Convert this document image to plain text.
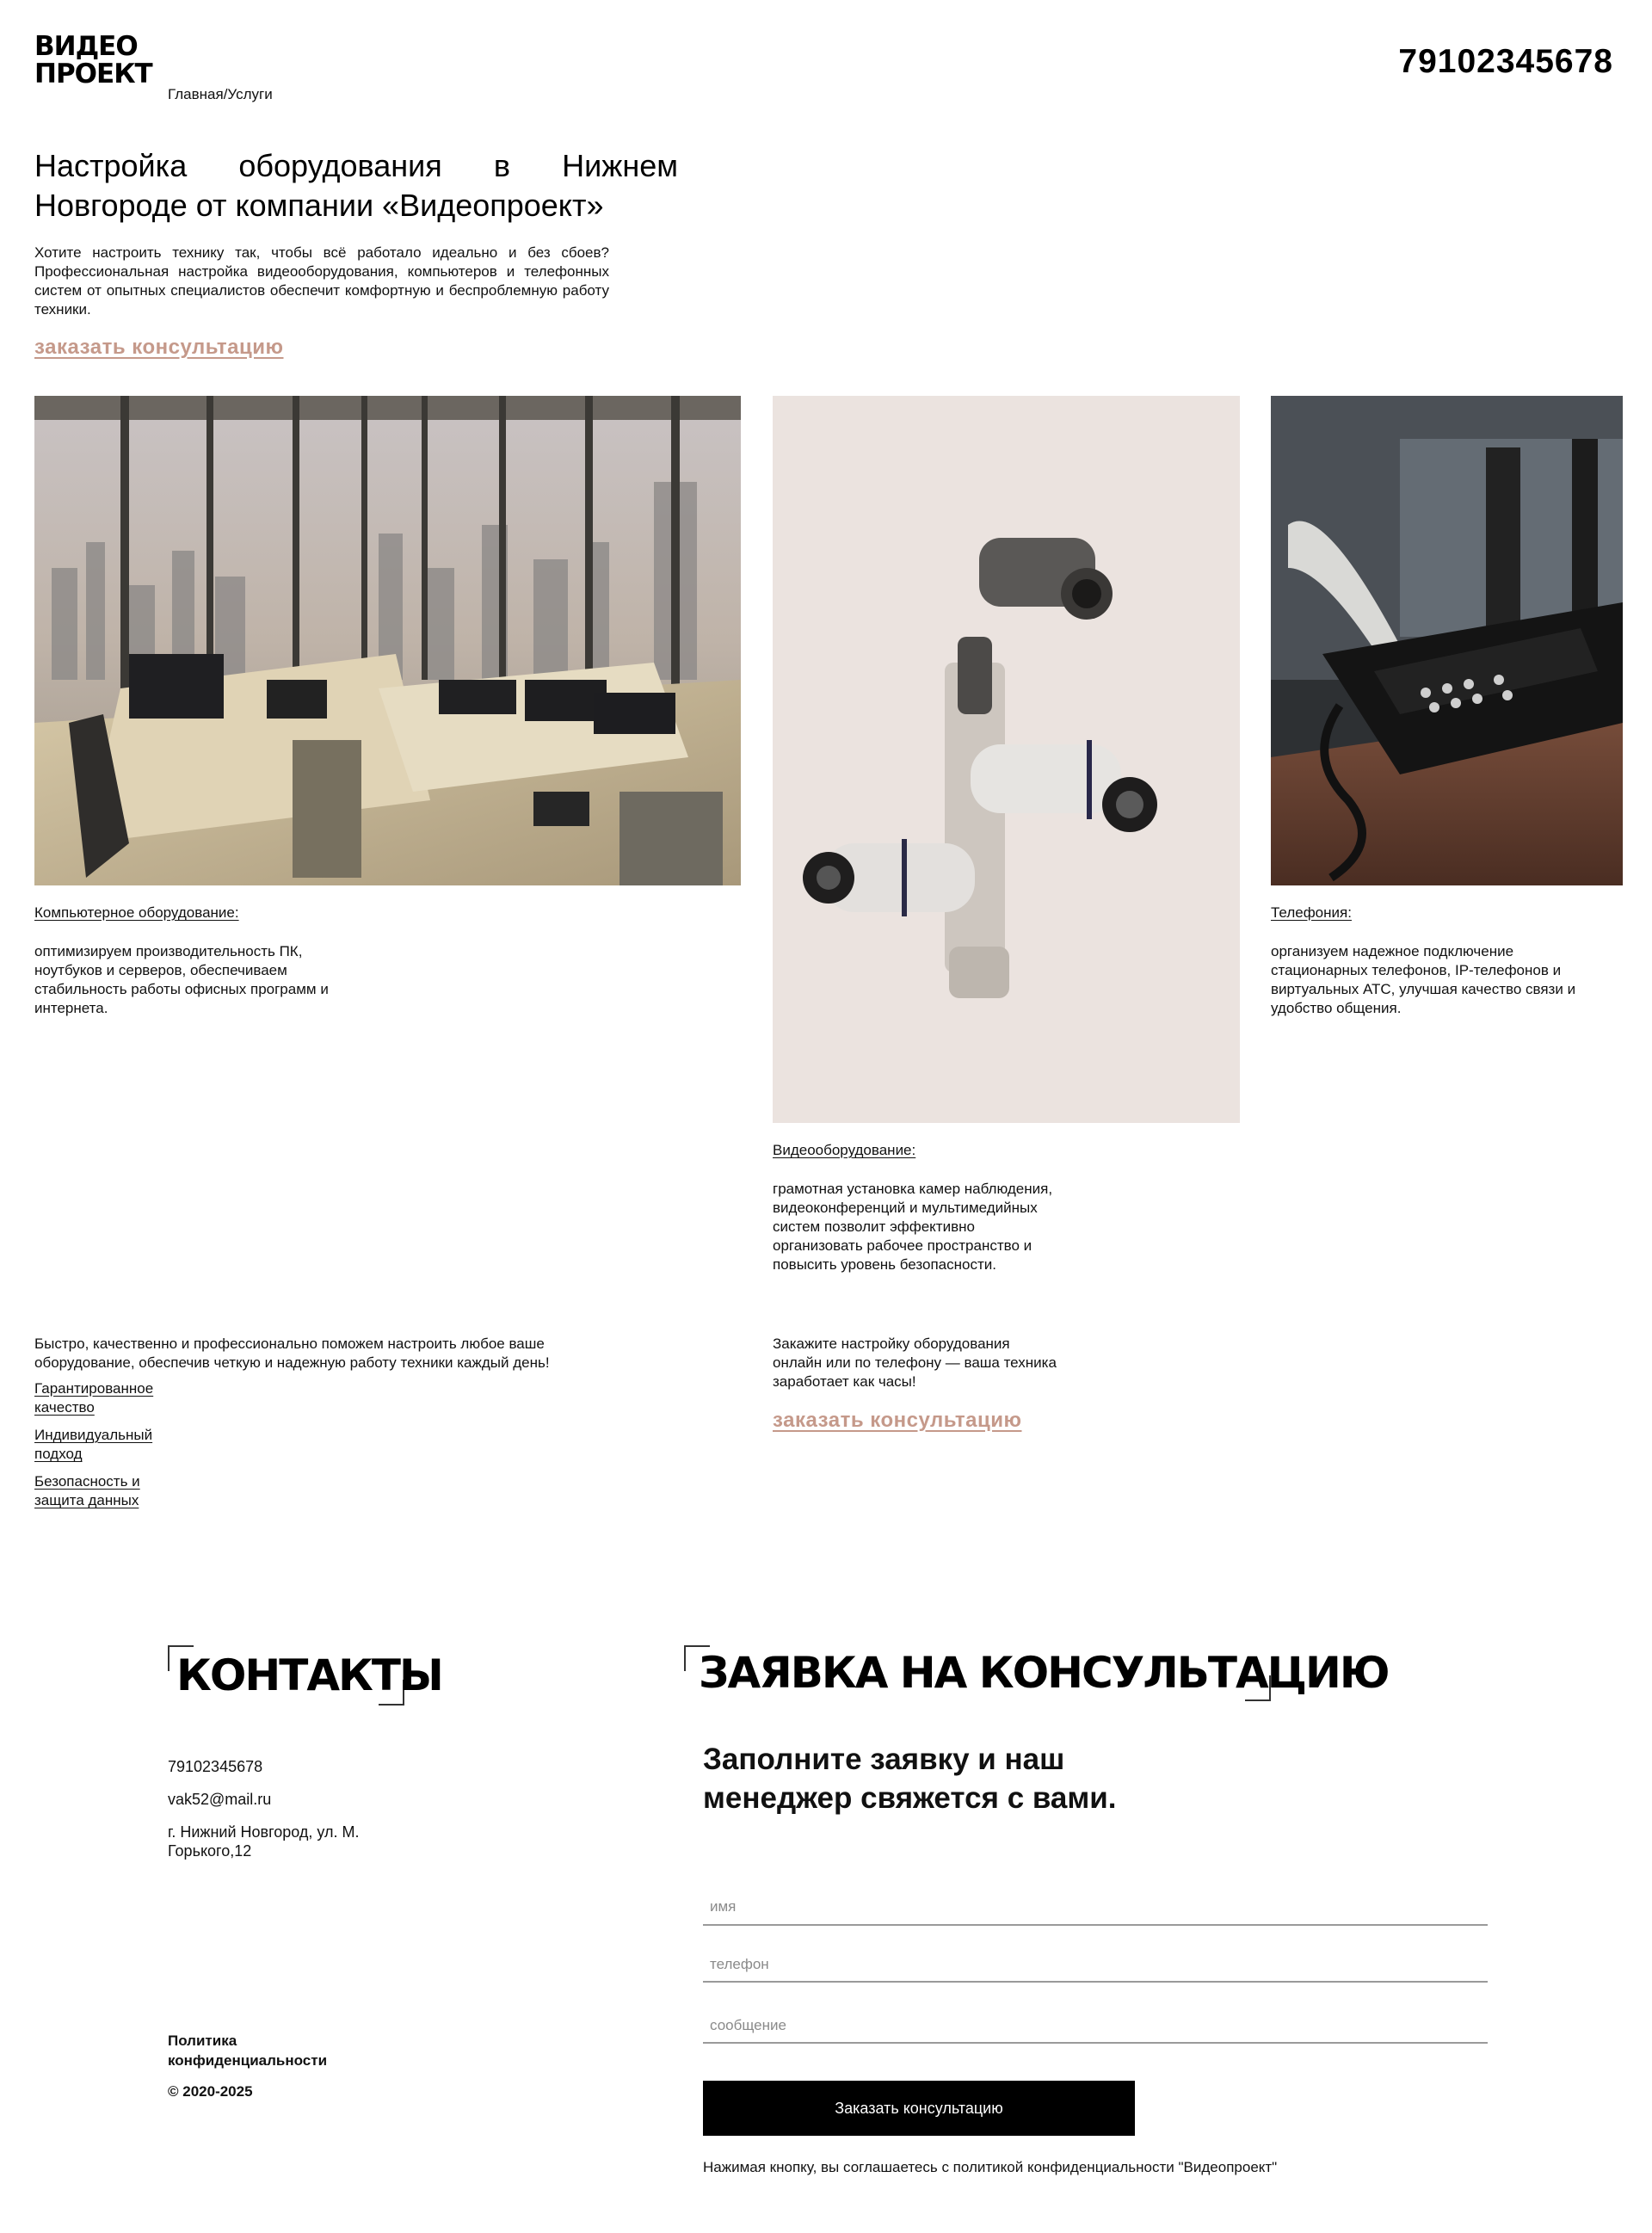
ВИДЕО
ПРОЕКТ
Главная/Услуги
79102345678
Настройка оборудования в Нижнем Новгороде от компании «Видеопроект»

Хотите настроить технику так, чтобы всё работало идеально и без сбоев? Профессиональная настройка видеооборудования, компьютеров и телефонных систем от опытных специалистов обеспечит комфортную и беспроблемную работу техники.

заказать консультацию
Компьютерное оборудование:

оптимизируем производительность ПК, ноутбуков и серверов, обеспечиваем стабильность работы офисных программ и интернета.

Видеооборудование:

грамотная установка камер наблюдения, видеоконференций и мультимедийных систем позволит эффективно организовать рабочее пространство и повысить уровень безопасности.

Телефония:

организуем надежное подключение стационарных телефонов, IP-телефонов и виртуальных АТС, улучшая качество связи и удобство общения.

Быстро, качественно и профессионально поможем настроить любое ваше оборудование, обеспечив четкую и надежную работу техники каждый день!

Гарантированное качество
Индивидуальный подход
Безопасность и защита данных

Закажите настройку оборудования онлайн или по телефону — ваша техника заработает как часы!

заказать консультацию
КОНТАКТЫ
79102345678
vak52@mail.ru
г. Нижний Новгород, ул. М. Горького,12
Политика конфиденциальности
© 2020-2025
ЗАЯВКА НА КОНСУЛЬТАЦИЮ
Заполните заявку и наш менеджер свяжется с вами.
имя
телефон
сообщение
Заказать консультацию
Нажимая кнопку, вы соглашаетесь с политикой конфиденциальности "Видеопроект"
